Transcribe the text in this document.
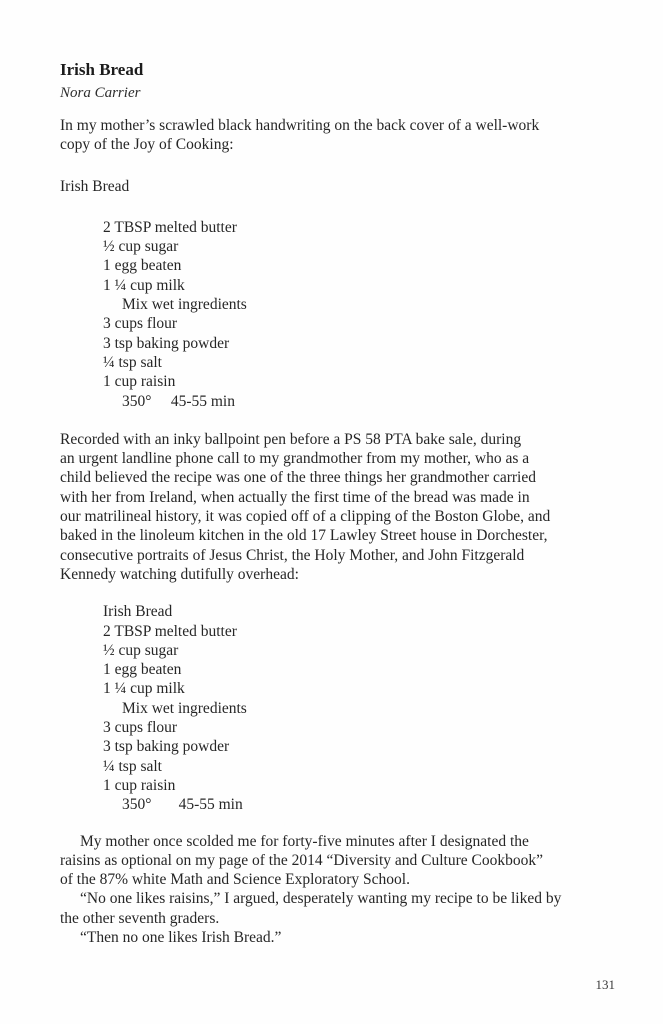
Irish Bread
Nora Carrier
In my mother’s scrawled black handwriting on the back cover of a well-work
copy of the Joy of Cooking:
Irish Bread
2 TBSP melted butter
½ cup sugar
1 egg beaten
1 ¼ cup milk
Mix wet ingredients
3 cups flour
3 tsp baking powder
¼ tsp salt
1 cup raisin
350°     45-55 min
Recorded with an inky ballpoint pen before a PS 58 PTA bake sale, during
an urgent landline phone call to my grandmother from my mother, who as a
child believed the recipe was one of the three things her grandmother carried
with her from Ireland, when actually the first time of the bread was made in
our matrilineal history, it was copied off of a clipping of the Boston Globe, and
baked in the linoleum kitchen in the old 17 Lawley Street house in Dorchester,
consecutive portraits of Jesus Christ, the Holy Mother, and John Fitzgerald
Kennedy watching dutifully overhead:
Irish Bread
2 TBSP melted butter
½ cup sugar
1 egg beaten
1 ¼ cup milk
Mix wet ingredients
3 cups flour
3 tsp baking powder
¼ tsp salt
1 cup raisin
350°       45-55 min
My mother once scolded me for forty-five minutes after I designated the
raisins as optional on my page of the 2014 “Diversity and Culture Cookbook”
of the 87% white Math and Science Exploratory School.
“No one likes raisins,” I argued, desperately wanting my recipe to be liked by
the other seventh graders.
“Then no one likes Irish Bread.”
131
